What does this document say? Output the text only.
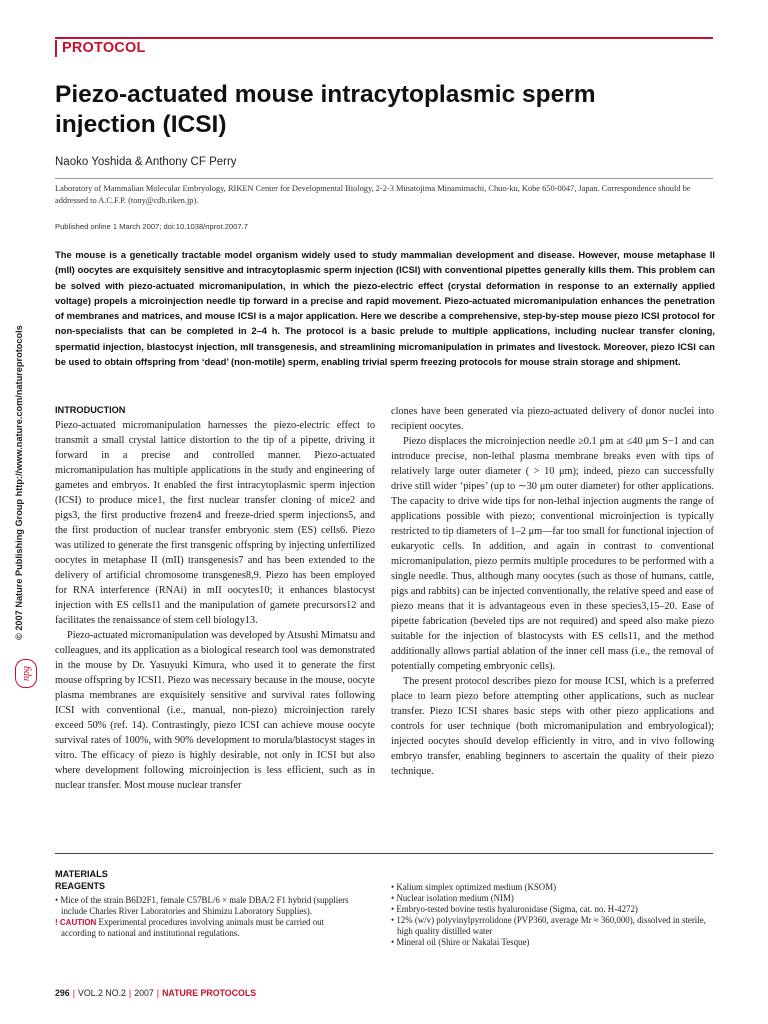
PROTOCOL
Piezo-actuated mouse intracytoplasmic sperm injection (ICSI)
Naoko Yoshida & Anthony CF Perry
Laboratory of Mammalian Molecular Embryology, RIKEN Center for Developmental Biology, 2-2-3 Minatojima Minamimachi, Chuo-ku, Kobe 650-0047, Japan. Correspondence should be addressed to A.C.F.P. (tony@cdb.riken.jp).
Published online 1 March 2007; doi:10.1038/nprot.2007.7

The mouse is a genetically tractable model organism widely used to study mammalian development and disease. However, mouse metaphase II (mII) oocytes are exquisitely sensitive and intracytoplasmic sperm injection (ICSI) with conventional pipettes generally kills them. This problem can be solved with piezo-actuated micromanipulation, in which the piezo-electric effect (crystal deformation in response to an externally applied voltage) propels a microinjection needle tip forward in a precise and rapid movement. Piezo-actuated micromanipulation enhances the penetration of membranes and matrices, and mouse ICSI is a major application. Here we describe a comprehensive, step-by-step mouse piezo ICSI protocol for non-specialists that can be completed in 2–4 h. The protocol is a basic prelude to multiple applications, including nuclear transfer cloning, spermatid injection, blastocyst injection, mII transgenesis, and streamlining micromanipulation in primates and livestock. Moreover, piezo ICSI can be used to obtain offspring from ‘dead’ (non-motile) sperm, enabling trivial sperm freezing protocols for mouse strain storage and shipment.

© 2007 Nature Publishing Group http://www.nature.com/natureprotocols
npg
INTRODUCTION

Piezo-actuated micromanipulation harnesses the piezo-electric effect to transmit a small crystal lattice distortion to the tip of a pipette, driving it forward in a precise and controlled manner. Piezo-actuated micromanipulation has multiple applications in the study and engineering of gametes and embryos. It enabled the first intracytoplasmic sperm injection (ICSI) to produce mice1, the first nuclear transfer cloning of mice2 and pigs3, the first productive frozen4 and freeze-dried sperm injections5, and the first production of nuclear transfer embryonic stem (ES) cells6. Piezo was utilized to generate the first transgenic offspring by injecting unfertilized oocytes in metaphase II (mII) transgenesis7 and has been extended to the delivery of artificial chromosome transgenes8,9. Piezo has been employed for RNA interference (RNAi) in mII oocytes10; it enhances blastocyst injection with ES cells11 and the manipulation of gamete precursors12 and facilitates the renaissance of stem cell biology13.

Piezo-actuated micromanipulation was developed by Atsushi Mimatsu and colleagues, and its application as a biological research tool was demonstrated in the mouse by Dr. Yasuyuki Kimura, who used it to generate the first mouse offspring by ICSI1. Piezo was necessary because in the mouse, oocyte plasma membranes are exquisitely sensitive and survival rates following ICSI with conventional (i.e., manual, non-piezo) microinjection rarely exceed 50% (ref. 14). Contrastingly, piezo ICSI can achieve mouse oocyte survival rates of 100%, with 90% development to morula/blastocyst stages in vitro. The efficacy of piezo is highly desirable, not only in ICSI but also where development following microinjection is less efficient, such as in nuclear transfer. Most mouse nuclear transfer

clones have been generated via piezo-actuated delivery of donor nuclei into recipient oocytes.

Piezo displaces the microinjection needle ≥0.1 μm at ≤40 μm S−1 and can introduce precise, non-lethal plasma membrane breaks even with tips of relatively large outer diameter ( > 10 μm); indeed, piezo can successfully drive still wider ‘pipes’ (up to ∼30 μm outer diameter) for other applications. The capacity to drive wide tips for non-lethal injection augments the range of applications possible with piezo; conventional microinjection is typically restricted to tip diameters of 1–2 μm—far too small for functional injection of eukaryotic cells. In addition, and again in contrast to conventional micromanipulation, piezo permits multiple procedures to be performed with a single needle. Thus, although many oocytes (such as those of humans, cattle, pigs and rabbits) can be injected conventionally, the relative speed and ease of piezo means that it is advantageous even in these species3,15–20. Ease of pipette fabrication (beveled tips are not required) and speed also make piezo suitable for the injection of blastocysts with ES cells11, and the method additionally allows partial ablation of the inner cell mass (i.e., the removal of potentially competing embryonic cells).

The present protocol describes piezo for mouse ICSI, which is a preferred place to learn piezo before attempting other applications, such as nuclear transfer. Piezo ICSI shares basic steps with other piezo applications and controls for user technique (both micromanipulation and embryological); injected oocytes should develop efficiently in vitro, and in vivo following embryo transfer, enabling beginners to ascertain the quality of their piezo technique.

MATERIALS
REAGENTS
• Mice of the strain B6D2F1, female C57BL/6 × male DBA/2 F1 hybrid (suppliers include Charles River Laboratories and Shimizu Laboratory Supplies).
! CAUTION Experimental procedures involving animals must be carried out according to national and institutional regulations.
• Kalium simplex optimized medium (KSOM)
• Nuclear isolation medium (NIM)
• Embryo-tested bovine testis hyaluronidase (Sigma, cat. no. H-4272)
• 12% (w/v) polyvinylpyrrolidone (PVP360, average Mr ≈ 360,000), dissolved in sterile, high quality distilled water
• Mineral oil (Shire or Nakalai Tesque)
296 | VOL.2 NO.2 | 2007 | NATURE PROTOCOLS
